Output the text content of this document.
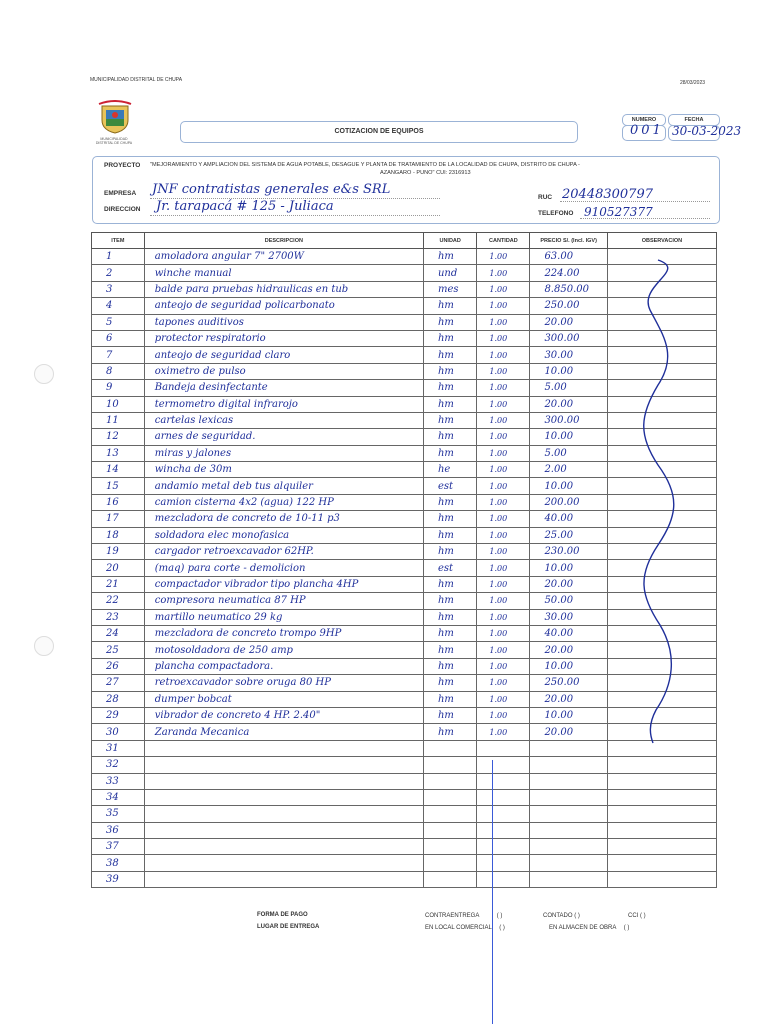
MUNICIPALIDAD DISTRITAL DE CHUPA	28/03/2023
MUNICIPALIDAD DISTRITAL DE CHUPA
COTIZACION DE EQUIPOS
NUMERO	FECHA
001 30-03-2023
PROYECTO "MEJORAMIENTO Y AMPLIACION DEL SISTEMA DE AGUA POTABLE, DESAGUE Y PLANTA DE TRATAMIENTO DE LA LOCALIDAD DE CHUPA, DISTRITO DE CHUPA -
AZANGARO - PUNO" CUI: 2316913
EMPRESA JNF contratistas generales e&s SRL
RUC 20448300797
DIRECCION Jr. tarapacá # 125 - Juliaca	TELEFONO 910527377
ITEM	DESCRIPCION	UNIDAD	CANTIDAD	PRECIO S/. (Incl. IGV)	OBSERVACION
1	amoladora angular 7" 2700W	hm	1.00	63.00	
2	winche manual	und	1.00	224.00	
3	balde para pruebas hidraulicas en tub	mes	1.00	8.850.00	
4	anteojo de seguridad policarbonato	hm	1.00	250.00	
5	tapones auditivos	hm	1.00	20.00	
6	protector respiratorio	hm	1.00	300.00	
7	anteojo de seguridad claro	hm	1.00	30.00	
8	oximetro de pulso	hm	1.00	10.00	
9	Bandeja desinfectante	hm	1.00	5.00	
10	termometro digital infrarojo	hm	1.00	20.00	
11	cartelas lexicas	hm	1.00	300.00	
12	arnes de seguridad.	hm	1.00	10.00	
13	miras y jalones	hm	1.00	5.00	
14	wincha de 30m	he	1.00	2.00	
15	andamio metal deb tus alquiler	est	1.00	10.00	
16	camion cisterna 4x2 (agua) 122 HP	hm	1.00	200.00	
17	mezcladora de concreto de 10-11 p3	hm	1.00	40.00	
18	soldadora elec monofasica	hm	1.00	25.00	
19	cargador retroexcavador 62HP.	hm	1.00	230.00	
20	(maq) para corte - demolicion	est	1.00	10.00	
21	compactador vibrador tipo plancha 4HP	hm	1.00	20.00	
22	compresora neumatica 87 HP	hm	1.00	50.00	
23	martillo neumatico 29 kg	hm	1.00	30.00	
24	mezcladora de concreto trompo 9HP	hm	1.00	40.00	
25	motosoldadora de 250 amp	hm	1.00	20.00	
26	plancha compactadora.	hm	1.00	10.00	
27	retroexcavador sobre oruga 80 HP	hm	1.00	250.00	
28	dumper bobcat	hm	1.00	20.00	
29	vibrador de concreto 4 HP. 2.40"	hm	1.00	10.00	
30	Zaranda Mecanica	hm	1.00	20.00	
31					
32					
33					
34					
35					
36					
37					
38					
39					
FORMA DE PAGO
LUGAR DE ENTREGA
CONTRAENTREGA	( )	CONTADO ( )	CCI ( )
EN LOCAL COMERCIAL ( )	EN ALMACEN DE OBRA ( )
